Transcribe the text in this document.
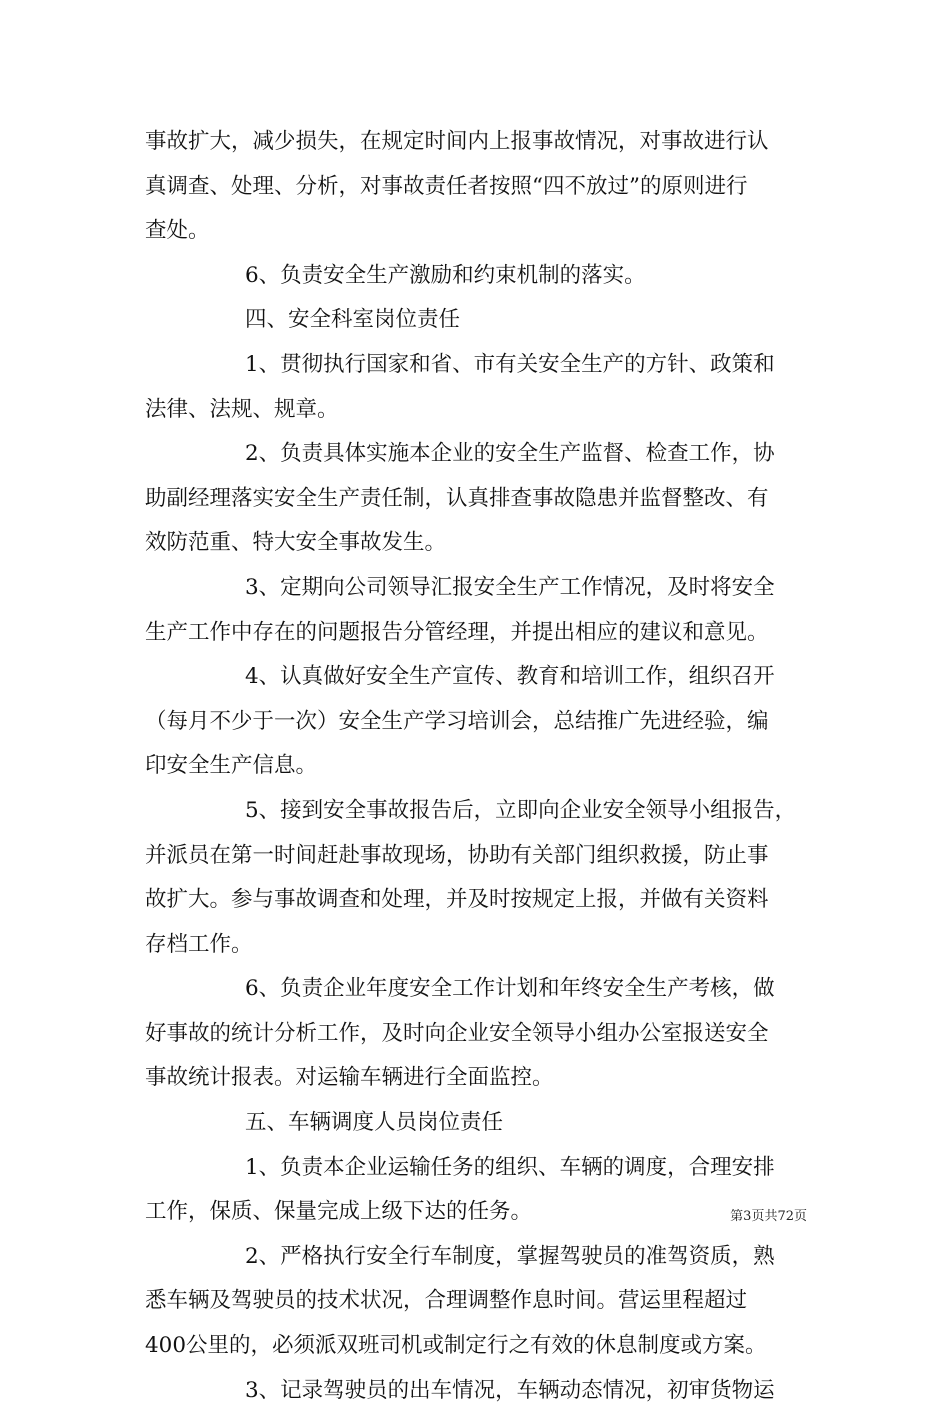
事故扩大，减少损失，在规定时间内上报事故情况，对事故进行认
真调查、处理、分析，对事故责任者按照“四不放过”的原则进行
查处。
6、负责安全生产激励和约束机制的落实。
四、安全科室岗位责任
1、贯彻执行国家和省、市有关安全生产的方针、政策和
法律、法规、规章。
2、负责具体实施本企业的安全生产监督、检查工作，协
助副经理落实安全生产责任制，认真排查事故隐患并监督整改、有
效防范重、特大安全事故发生。
3、定期向公司领导汇报安全生产工作情况，及时将安全
生产工作中存在的问题报告分管经理，并提出相应的建议和意见。
4、认真做好安全生产宣传、教育和培训工作，组织召开
（每月不少于一次）安全生产学习培训会，总结推广先进经验，编
印安全生产信息。
5、接到安全事故报告后，立即向企业安全领导小组报告，
并派员在第一时间赶赴事故现场，协助有关部门组织救援，防止事
故扩大。参与事故调查和处理，并及时按规定上报，并做有关资料
存档工作。
6、负责企业年度安全工作计划和年终安全生产考核，做
好事故的统计分析工作，及时向企业安全领导小组办公室报送安全
事故统计报表。对运输车辆进行全面监控。
五、车辆调度人员岗位责任
1、负责本企业运输任务的组织、车辆的调度，合理安排
工作，保质、保量完成上级下达的任务。
2、严格执行安全行车制度，掌握驾驶员的准驾资质，熟
悉车辆及驾驶员的技术状况，合理调整作息时间。营运里程超过
400公里的，必须派双班司机或制定行之有效的休息制度或方案。
3、记录驾驶员的出车情况，车辆动态情况，初审货物运
第3页共72页
